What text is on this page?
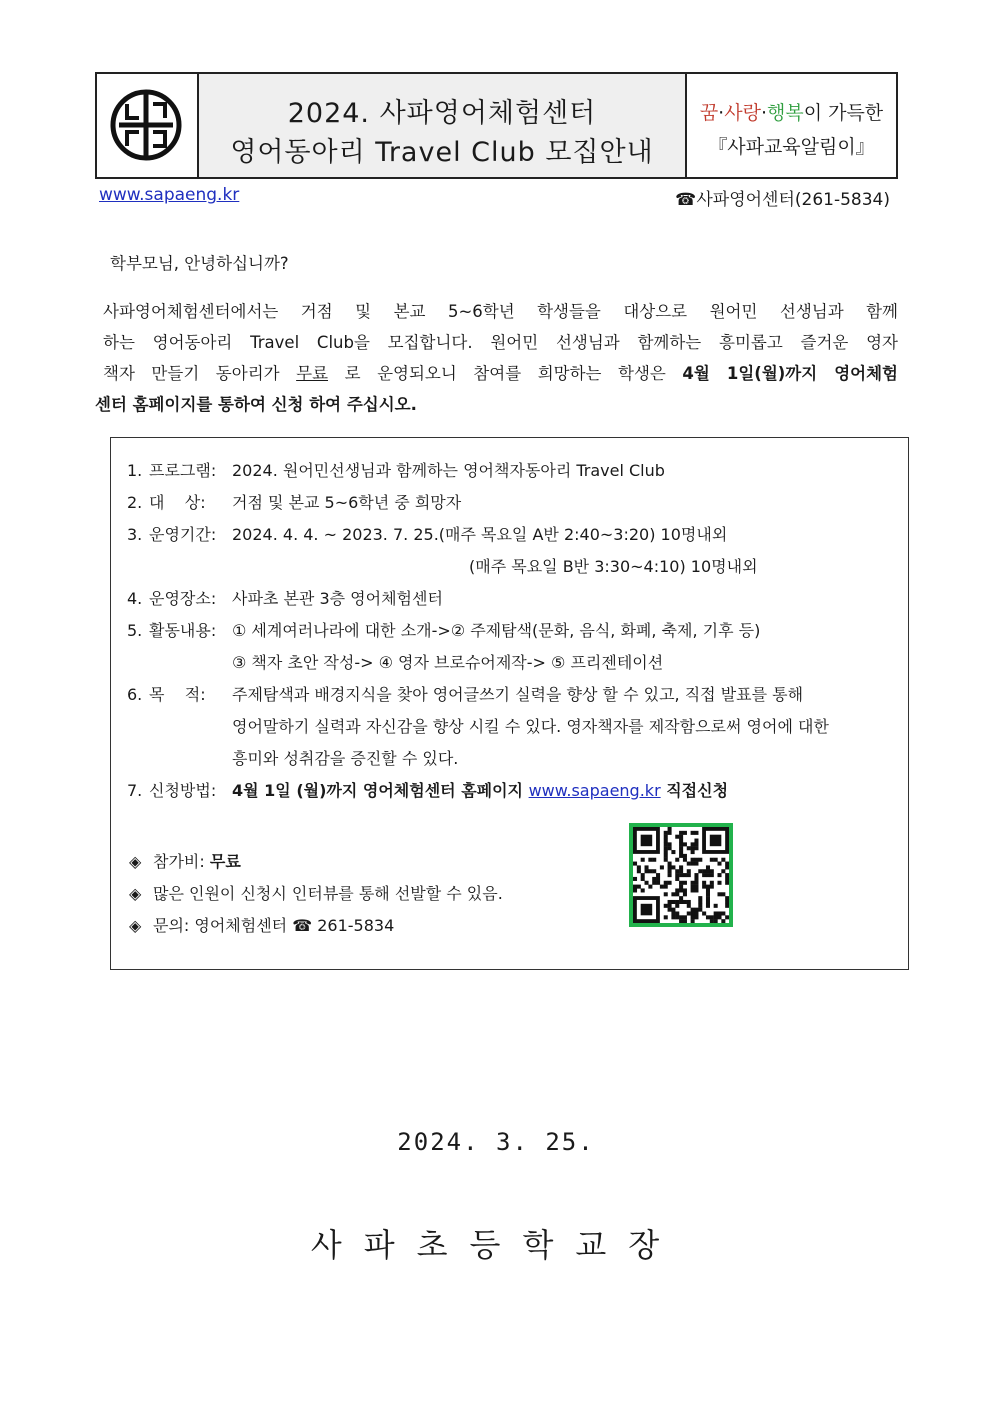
2024. 사파영어체험센터
영어동아리 Travel Club 모집안내
꿈·사랑·행복이 가득한
『사파교육알림이』
www.sapaeng.kr	☎사파영어센터(261-5834)
학부모님, 안녕하십니까?
사파영어체험센터에서는 거점 및 본교 5~6학년 학생들을 대상으로 원어민 선생님과 함께
하는 영어동아리 Travel Club을 모집합니다. 원어민 선생님과 함께하는 흥미롭고 즐거운 영자
책자 만들기 동아리가 무료 로 운영되오니 참여를 희망하는 학생은 4월 1일(월)까지 영어체험
센터 홈페이지를 통하여 신청 하여 주십시오.
1. 프로그램: 2024. 원어민선생님과 함께하는 영어책자동아리 Travel Club
2. 대    상:	거점 및 본교 5~6학년 중 희망자
3. 운영기간: 2024. 4. 4. ~ 2023. 7. 25.(매주 목요일 A반 2:40~3:20) 10명내외
(매주 목요일 B반 3:30~4:10) 10명내외
4. 운영장소: 사파초 본관 3층 영어체험센터
5. 활동내용: ① 세계여러나라에 대한 소개->② 주제탐색(문화, 음식, 화폐, 축제, 기후 등)
③ 책자 초안 작성-> ④ 영자 브로슈어제작-> ⑤ 프리젠테이션
6. 목    적:	주제탐색과 배경지식을 찾아 영어글쓰기 실력을 향상 할 수 있고, 직접 발표를 통해
영어말하기 실력과 자신감을 향상 시킬 수 있다. 영자책자를 제작함으로써 영어에 대한
흥미와 성취감을 증진할 수 있다.
7. 신청방법: 4월 1일 (월)까지 영어체험센터 홈페이지 www.sapaeng.kr 직접신청
◈ 참가비: 무료
◈ 많은 인원이 신청시 인터뷰를 통해 선발할 수 있음.
◈ 문의: 영어체험센터 ☎ 261-5834
2024. 3. 25.
사파초등학교장
